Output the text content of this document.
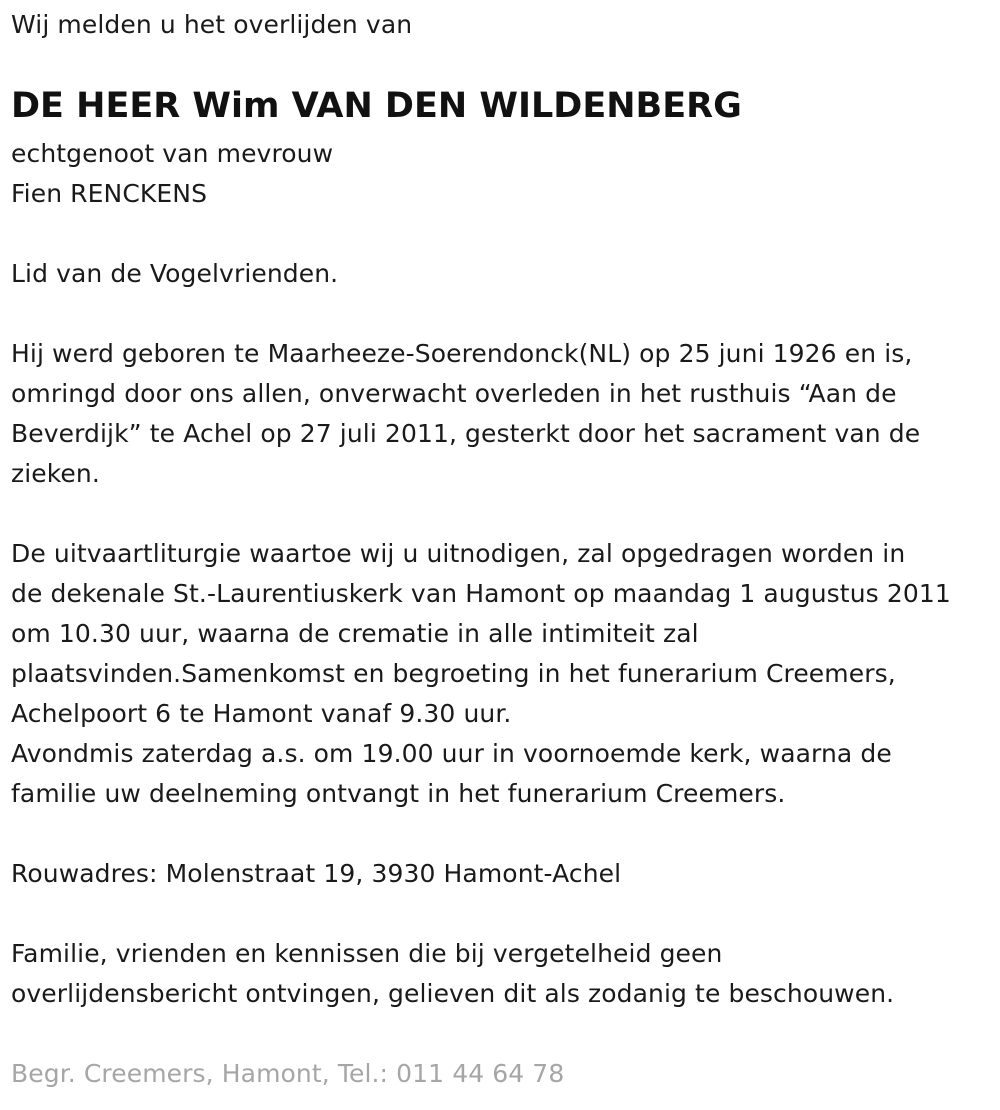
Wij melden u het overlijden van
DE HEER Wim VAN DEN WILDENBERG
echtgenoot van mevrouw
Fien RENCKENS
Lid van de Vogelvrienden.
Hij werd geboren te Maarheeze-Soerendonck(NL) op 25 juni 1926 en is,
omringd door ons allen, onverwacht overleden in het rusthuis “Aan de
Beverdijk” te Achel op 27 juli 2011, gesterkt door het sacrament van de
zieken.
De uitvaartliturgie waartoe wij u uitnodigen, zal opgedragen worden in
de dekenale St.-Laurentiuskerk van Hamont op maandag 1 augustus 2011
om 10.30 uur, waarna de crematie in alle intimiteit zal
plaatsvinden.Samenkomst en begroeting in het funerarium Creemers,
Achelpoort 6 te Hamont vanaf 9.30 uur.
Avondmis zaterdag a.s. om 19.00 uur in voornoemde kerk, waarna de
familie uw deelneming ontvangt in het funerarium Creemers.
Rouwadres: Molenstraat 19, 3930 Hamont-Achel
Familie, vrienden en kennissen die bij vergetelheid geen
overlijdensbericht ontvingen, gelieven dit als zodanig te beschouwen.
Begr. Creemers, Hamont, Tel.: 011 44 64 78
